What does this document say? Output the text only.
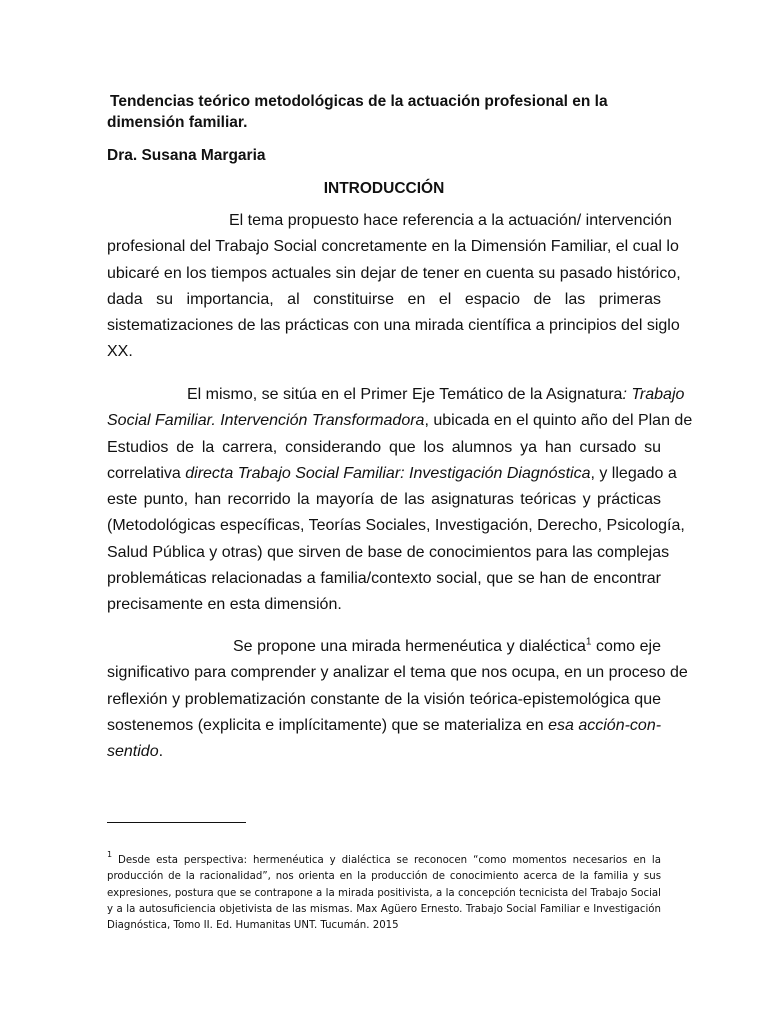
Tendencias teórico metodológicas de la actuación profesional en la
dimensión familiar.
Dra. Susana Margaria
INTRODUCCIÓN
El tema propuesto hace referencia a la actuación/ intervención
profesional del Trabajo Social concretamente en la Dimensión Familiar, el cual lo
ubicaré en los tiempos actuales sin dejar de tener en cuenta su pasado histórico,
dada su importancia, al constituirse en el espacio de las primeras
sistematizaciones de las prácticas con una mirada científica a principios del siglo
XX.
El mismo, se sitúa en el Primer Eje Temático de la Asignatura: Trabajo
Social Familiar. Intervención Transformadora, ubicada en el quinto año del Plan de
Estudios de la carrera, considerando que los alumnos ya han cursado su
correlativa directa Trabajo Social Familiar: Investigación Diagnóstica, y llegado a
este punto, han recorrido la mayoría de las asignaturas teóricas y prácticas
(Metodológicas específicas, Teorías Sociales, Investigación, Derecho, Psicología,
Salud Pública y otras) que sirven de base de conocimientos para las complejas
problemáticas relacionadas a familia/contexto social, que se han de encontrar
precisamente en esta dimensión.
Se propone una mirada hermenéutica y dialéctica$^1$ como eje
significativo para comprender y analizar el tema que nos ocupa, en un proceso de
reflexión y problematización constante de la visión teórica-epistemológica que
sostenemos (explicita e implícitamente) que se materializa en esa acción-con-
sentido.
$^1$ Desde esta perspectiva: hermenéutica y dialéctica se reconocen “como momentos necesarios en la
producción de la racionalidad”, nos orienta en la producción de conocimiento acerca de la familia y sus
expresiones, postura que se contrapone a la mirada positivista, a la concepción tecnicista del Trabajo Social
y a la autosuficiencia objetivista de las mismas. Max Agüero Ernesto. Trabajo Social Familiar e Investigación
Diagnóstica, Tomo II. Ed. Humanitas UNT. Tucumán. 2015
